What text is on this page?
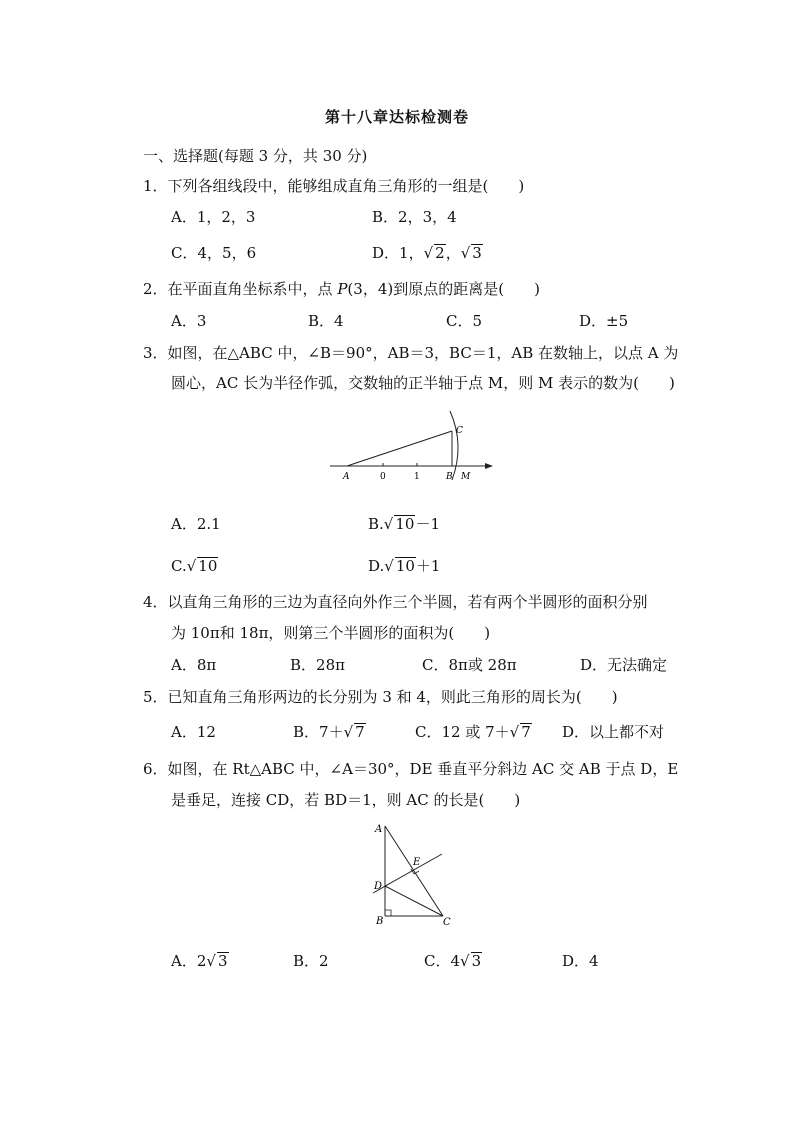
第十八章达标检测卷
一、选择题(每题 3 分，共 30 分)
1．下列各组线段中，能够组成直角三角形的一组是(　　)
A．1，2，3	B．2，3，4
C．4，5，6	D．1，√ 2，√ 3
2．在平面直角坐标系中，点 P(3，4)到原点的距离是(　　)
A．3	B．4	C．5	D．±5
3．如图，在△ABC 中，∠B＝90°，AB＝3，BC＝1，AB 在数轴上，以点 A 为
圆心，AC 长为半径作弧，交数轴的正半轴于点 M，则 M 表示的数为(　　)
A	0	1	B M
C
A．2.1	B.√ 10－1
C.√ 10	D.√ 10＋1
4．以直角三角形的三边为直径向外作三个半圆，若有两个半圆形的面积分别
为 10π和 18π，则第三个半圆形的面积为(　　)
A．8π	B．28π	C．8π或 28π	D．无法确定
5．已知直角三角形两边的长分别为 3 和 4，则此三角形的周长为(　　)
A．12	B．7＋√ 7	C．12 或 7＋√ 7 D．以上都不对
6．如图，在 Rt△ABC 中，∠A＝30°，DE 垂直平分斜边 AC 交 AB 于点 D，E
是垂足，连接 CD，若 BD＝1，则 AC 的长是(　　)
A
E
D
B	C
A．2√ 3	B．2	C．4√ 3	D．4
